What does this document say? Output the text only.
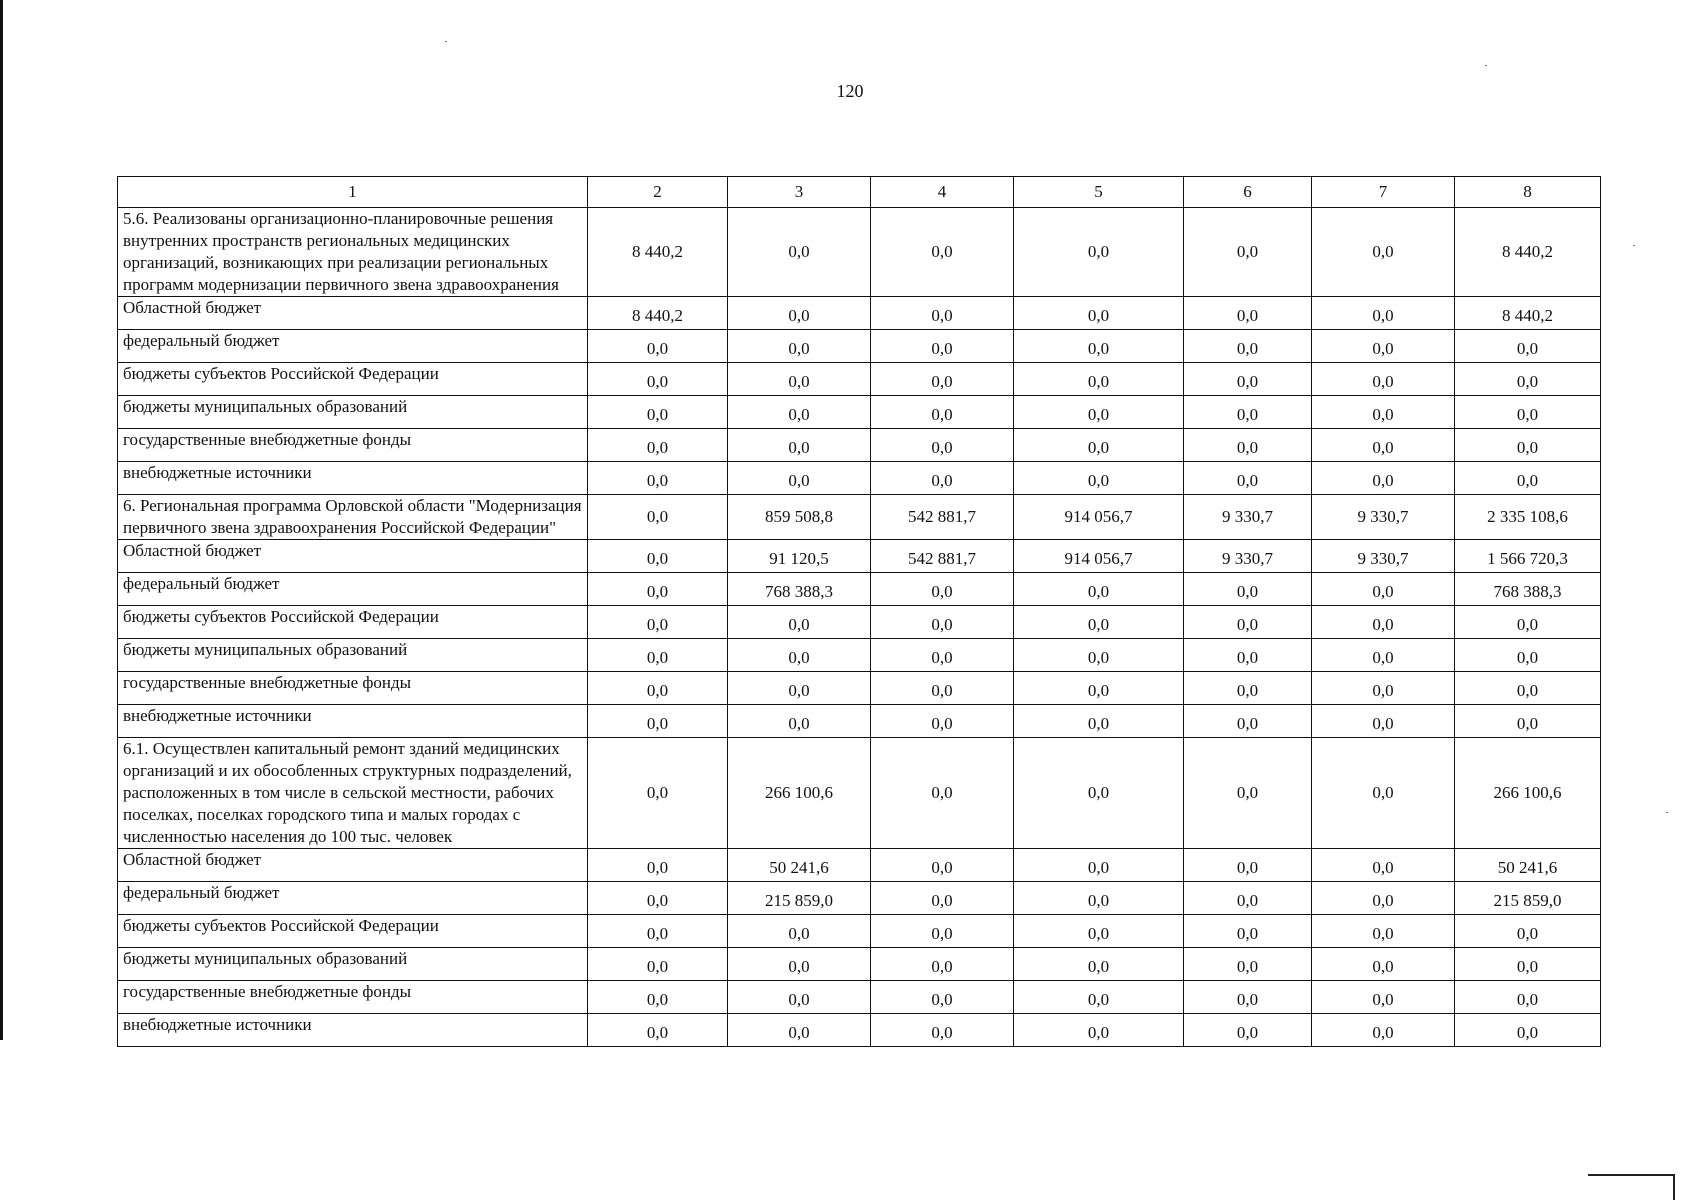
120
1	2	3	4	5	6	7	8
5.6. Реализованы организационно-планировочные решения внутренних пространств региональных медицинских организаций, возникающих при реализации региональных программ модернизации первичного звена здравоохранения	8 440,2	0,0	0,0	0,0	0,0	0,0	8 440,2
Областной бюджет	8 440,2	0,0	0,0	0,0	0,0	0,0	8 440,2
федеральный бюджет	0,0	0,0	0,0	0,0	0,0	0,0	0,0
бюджеты субъектов Российской Федерации	0,0	0,0	0,0	0,0	0,0	0,0	0,0
бюджеты муниципальных образований	0,0	0,0	0,0	0,0	0,0	0,0	0,0
государственные внебюджетные фонды	0,0	0,0	0,0	0,0	0,0	0,0	0,0
внебюджетные источники	0,0	0,0	0,0	0,0	0,0	0,0	0,0
6. Региональная программа Орловской области "Модернизация первичного звена здравоохранения Российской Федерации"	0,0	859 508,8	542 881,7	914 056,7	9 330,7	9 330,7	2 335 108,6
Областной бюджет	0,0	91 120,5	542 881,7	914 056,7	9 330,7	9 330,7	1 566 720,3
федеральный бюджет	0,0	768 388,3	0,0	0,0	0,0	0,0	768 388,3
бюджеты субъектов Российской Федерации	0,0	0,0	0,0	0,0	0,0	0,0	0,0
бюджеты муниципальных образований	0,0	0,0	0,0	0,0	0,0	0,0	0,0
государственные внебюджетные фонды	0,0	0,0	0,0	0,0	0,0	0,0	0,0
внебюджетные источники	0,0	0,0	0,0	0,0	0,0	0,0	0,0
6.1. Осуществлен капитальный ремонт зданий медицинских организаций и их обособленных структурных подразделений, расположенных в том числе в сельской местности, рабочих поселках, поселках городского типа и малых городах с численностью населения до 100 тыс. человек	0,0	266 100,6	0,0	0,0	0,0	0,0	266 100,6
Областной бюджет	0,0	50 241,6	0,0	0,0	0,0	0,0	50 241,6
федеральный бюджет	0,0	215 859,0	0,0	0,0	0,0	0,0	215 859,0
бюджеты субъектов Российской Федерации	0,0	0,0	0,0	0,0	0,0	0,0	0,0
бюджеты муниципальных образований	0,0	0,0	0,0	0,0	0,0	0,0	0,0
государственные внебюджетные фонды	0,0	0,0	0,0	0,0	0,0	0,0	0,0
внебюджетные источники	0,0	0,0	0,0	0,0	0,0	0,0	0,0
